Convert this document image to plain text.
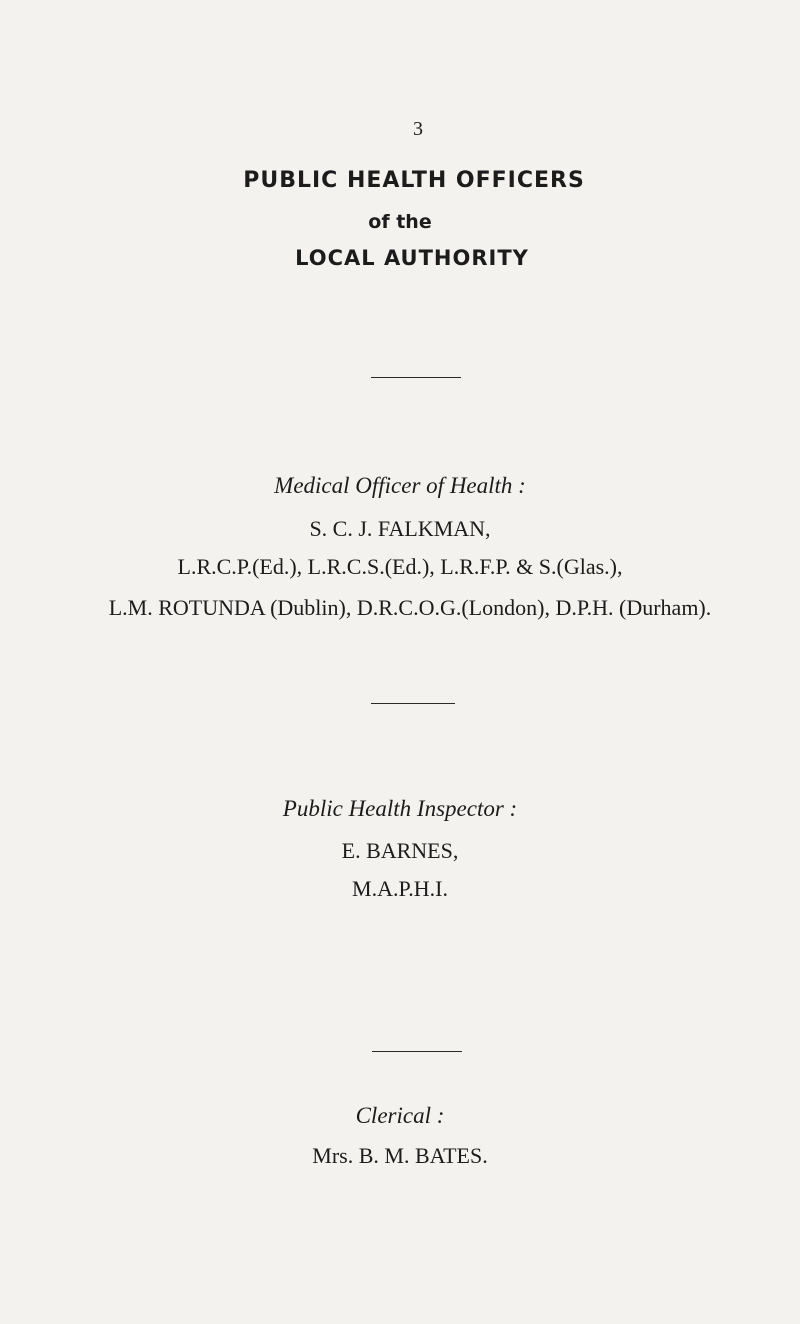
3
PUBLIC HEALTH OFFICERS
of the
LOCAL AUTHORITY
Medical Officer of Health :
S. C. J. FALKMAN,
L.R.C.P.(Ed.), L.R.C.S.(Ed.), L.R.F.P. & S.(Glas.),
L.M. ROTUNDA (Dublin), D.R.C.O.G.(London), D.P.H. (Durham).
Public Health Inspector :
E. BARNES,
M.A.P.H.I.
Clerical :
Mrs. B. M. BATES.
